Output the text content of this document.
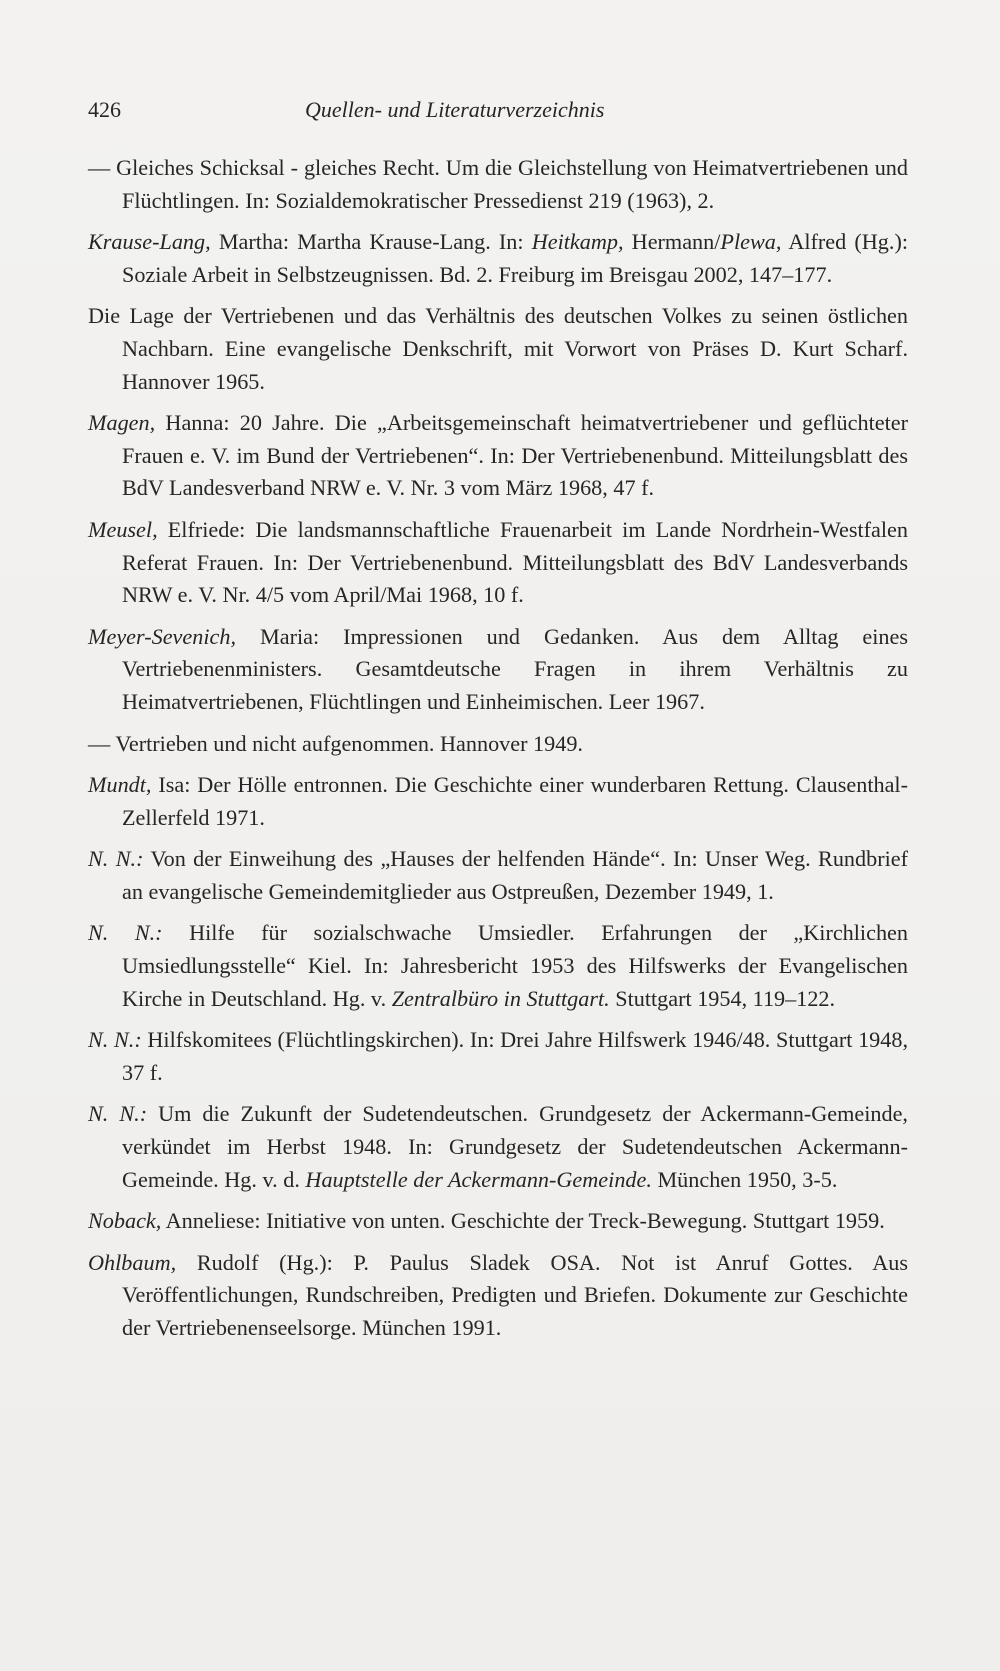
426	Quellen- und Literaturverzeichnis

— Gleiches Schicksal - gleiches Recht. Um die Gleichstellung von Heimatvertriebenen und Flüchtlingen. In: Sozialdemokratischer Pressedienst 219 (1963), 2.

Krause-Lang, Martha: Martha Krause-Lang. In: Heitkamp, Hermann/Plewa, Alfred (Hg.): Soziale Arbeit in Selbstzeugnissen. Bd. 2. Freiburg im Breisgau 2002, 147–177.

Die Lage der Vertriebenen und das Verhältnis des deutschen Volkes zu seinen östlichen Nachbarn. Eine evangelische Denkschrift, mit Vorwort von Präses D. Kurt Scharf. Hannover 1965.

Magen, Hanna: 20 Jahre. Die „Arbeitsgemeinschaft heimatvertriebener und geflüchteter Frauen e. V. im Bund der Vertriebenen“. In: Der Vertriebenenbund. Mitteilungsblatt des BdV Landesverband NRW e. V. Nr. 3 vom März 1968, 47 f.

Meusel, Elfriede: Die landsmannschaftliche Frauenarbeit im Lande Nordrhein-Westfalen Referat Frauen. In: Der Vertriebenenbund. Mitteilungsblatt des BdV Landesverbands NRW e. V. Nr. 4/5 vom April/Mai 1968, 10 f.

Meyer-Sevenich, Maria: Impressionen und Gedanken. Aus dem Alltag eines Vertriebenenministers. Gesamtdeutsche Fragen in ihrem Verhältnis zu Heimatvertriebenen, Flüchtlingen und Einheimischen. Leer 1967.

— Vertrieben und nicht aufgenommen. Hannover 1949.

Mundt, Isa: Der Hölle entronnen. Die Geschichte einer wunderbaren Rettung. Clausenthal-Zellerfeld 1971.

N. N.: Von der Einweihung des „Hauses der helfenden Hände“. In: Unser Weg. Rundbrief an evangelische Gemeindemitglieder aus Ostpreußen, Dezember 1949, 1.

N. N.: Hilfe für sozialschwache Umsiedler. Erfahrungen der „Kirchlichen Umsiedlungsstelle“ Kiel. In: Jahresbericht 1953 des Hilfswerks der Evangelischen Kirche in Deutschland. Hg. v. Zentralbüro in Stuttgart. Stuttgart 1954, 119–122.

N. N.: Hilfskomitees (Flüchtlingskirchen). In: Drei Jahre Hilfswerk 1946/48. Stuttgart 1948, 37 f.

N. N.: Um die Zukunft der Sudetendeutschen. Grundgesetz der Ackermann-Gemeinde, verkündet im Herbst 1948. In: Grundgesetz der Sudetendeutschen Ackermann-Gemeinde. Hg. v. d. Hauptstelle der Ackermann-Gemeinde. München 1950, 3-5.

Noback, Anneliese: Initiative von unten. Geschichte der Treck-Bewegung. Stuttgart 1959.

Ohlbaum, Rudolf (Hg.): P. Paulus Sladek OSA. Not ist Anruf Gottes. Aus Veröffentlichungen, Rundschreiben, Predigten und Briefen. Dokumente zur Geschichte der Vertriebenenseelsorge. München 1991.
